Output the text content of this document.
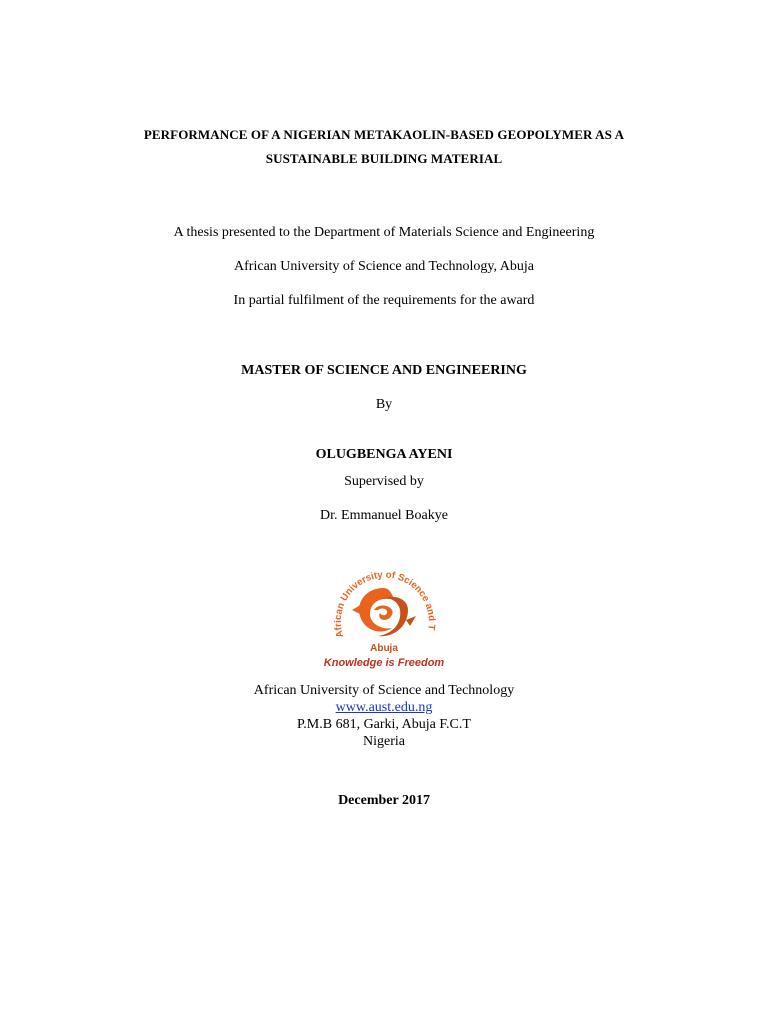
PERFORMANCE OF A NIGERIAN METAKAOLIN-BASED GEOPOLYMER AS A
SUSTAINABLE BUILDING MATERIAL
A thesis presented to the Department of Materials Science and Engineering
African University of Science and Technology, Abuja
In partial fulfilment of the requirements for the award
MASTER OF SCIENCE AND ENGINEERING
By
OLUGBENGA AYENI
Supervised by
Dr. Emmanuel Boakye
African University of Science and T
Abuja
Knowledge is Freedom
African University of Science and Technology
www.aust.edu.ng
P.M.B 681, Garki, Abuja F.C.T
Nigeria
December 2017
